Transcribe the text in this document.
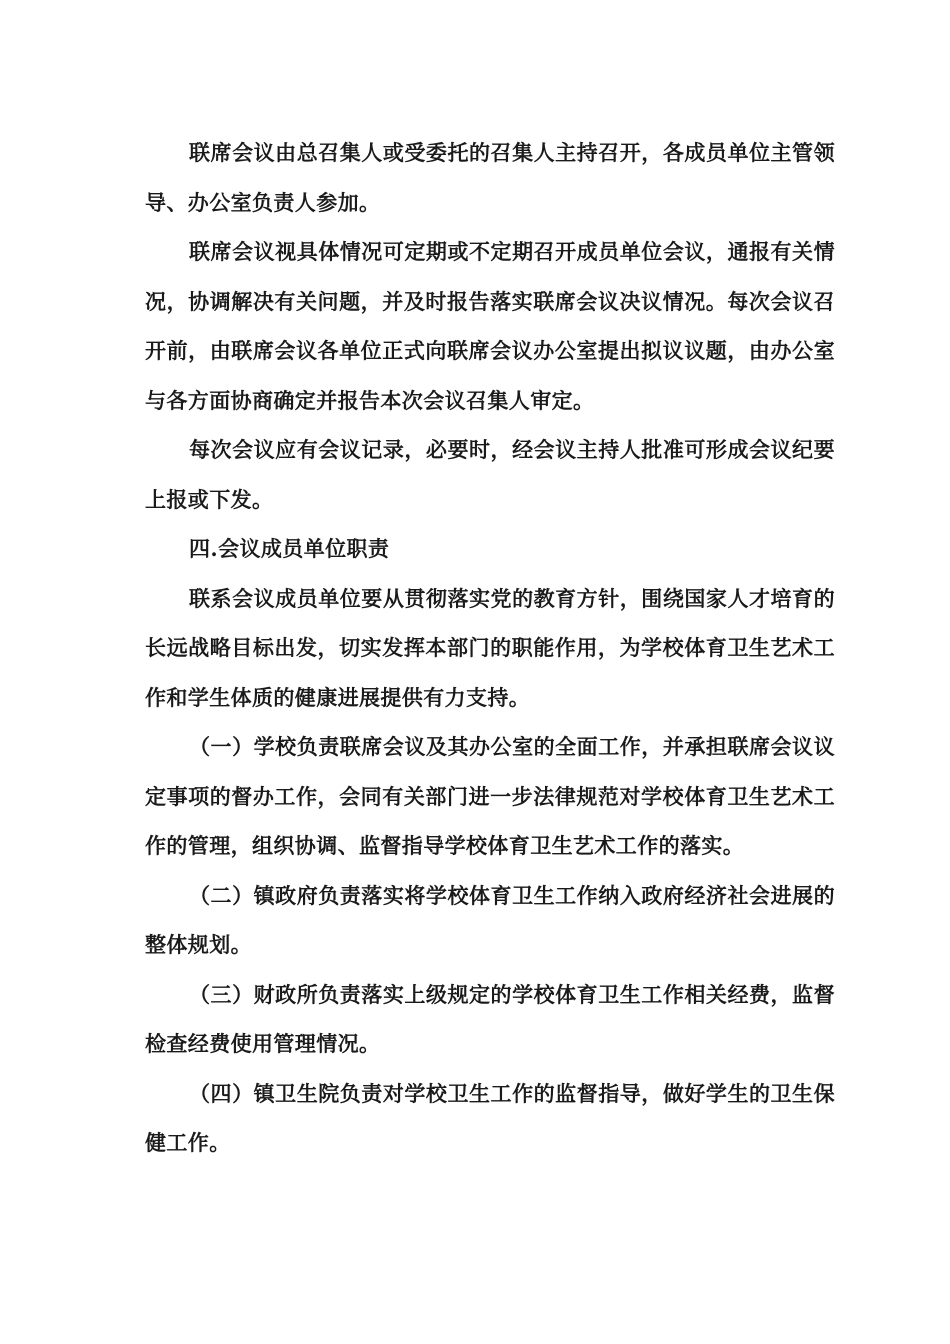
联席会议由总召集人或受委托的召集人主持召开，各成员单位主管领导、办公室负责人参加。

联席会议视具体情况可定期或不定期召开成员单位会议，通报有关情况，协调解决有关问题，并及时报告落实联席会议决议情况。每次会议召开前，由联席会议各单位正式向联席会议办公室提出拟议议题，由办公室与各方面协商确定并报告本次会议召集人审定。

每次会议应有会议记录，必要时，经会议主持人批准可形成会议纪要上报或下发。

四.会议成员单位职责

联系会议成员单位要从贯彻落实党的教育方针，围绕国家人才培育的长远战略目标出发，切实发挥本部门的职能作用，为学校体育卫生艺术工作和学生体质的健康进展提供有力支持。

（一）学校负责联席会议及其办公室的全面工作，并承担联席会议议定事项的督办工作，会同有关部门进一步法律规范对学校体育卫生艺术工作的管理，组织协调、监督指导学校体育卫生艺术工作的落实。

（二）镇政府负责落实将学校体育卫生工作纳入政府经济社会进展的整体规划。

（三）财政所负责落实上级规定的学校体育卫生工作相关经费，监督检查经费使用管理情况。

（四）镇卫生院负责对学校卫生工作的监督指导，做好学生的卫生保健工作。
